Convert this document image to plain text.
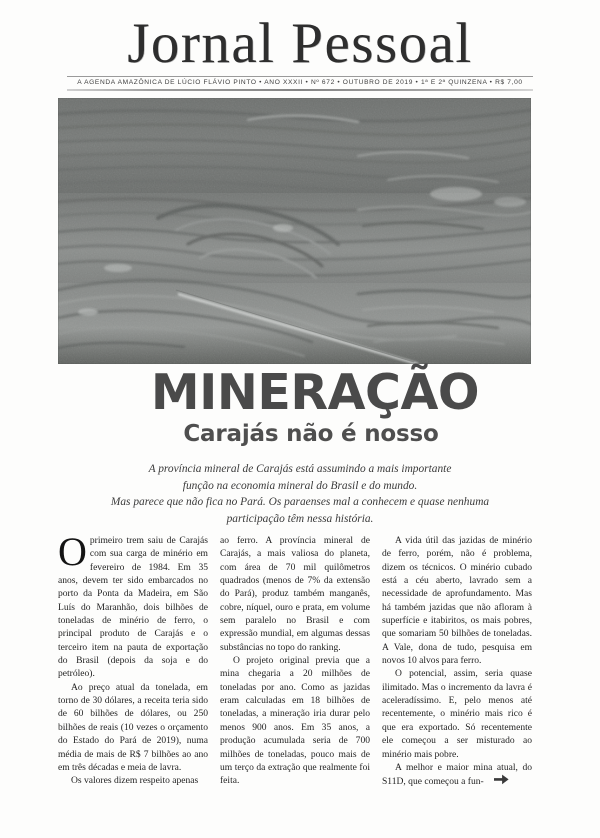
Jornal Pessoal
A AGENDA AMAZÔNICA DE LÚCIO FLÁVIO PINTO • ANO XXXII • Nº 672 • OUTUBRO DE 2019 • 1ª E 2ª QUINZENA • R$ 7,00
MINERAÇÃO
Carajás não é nosso
A província mineral de Carajás está assumindo a mais importante
função na economia mineral do Brasil e do mundo.
Mas parece que não fica no Pará. Os paraenses mal a conhecem e quase nenhuma
participação têm nessa história.

O primeiro trem saiu de Carajás com sua carga de minério em fevereiro de 1984. Em 35 anos, devem ter sido embarcados no porto da Ponta da Madeira, em São Luís do Maranhão, dois bilhões de toneladas de minério de ferro, o principal produto de Carajás e o terceiro item na pauta de exportação do Brasil (depois da soja e do petróleo).

Ao preço atual da tonelada, em torno de 30 dólares, a receita teria sido de 60 bilhões de dólares, ou 250 bilhões de reais (10 vezes o orçamento do Estado do Pará de 2019), numa média de mais de R$ 7 bilhões ao ano em três décadas e meia de lavra.

Os valores dizem respeito apenas

ao ferro. A província mineral de Carajás, a mais valiosa do planeta, com área de 70 mil quilômetros quadrados (menos de 7% da extensão do Pará), produz também manganês, cobre, níquel, ouro e prata, em volume sem paralelo no Brasil e com expressão mundial, em algumas dessas substâncias no topo do ranking.

O projeto original previa que a mina chegaria a 20 milhões de toneladas por ano. Como as jazidas eram calculadas em 18 bilhões de toneladas, a mineração iria durar pelo menos 900 anos. Em 35 anos, a produção acumulada seria de 700 milhões de toneladas, pouco mais de um terço da extração que realmente foi feita.

A vida útil das jazidas de minério de ferro, porém, não é problema, dizem os técnicos. O minério cubado está a céu aberto, lavrado sem a necessidade de aprofundamento. Mas há também jazidas que não afloram à superfície e itabiritos, os mais pobres, que somariam 50 bilhões de toneladas. A Vale, dona de tudo, pesquisa em novos 10 alvos para ferro.

O potencial, assim, seria quase ilimitado. Mas o incremento da lavra é aceleradíssimo. E, pelo menos até recentemente, o minério mais rico é que era exportado. Só recentemente ele começou a ser misturado ao minério mais pobre.

A melhor e maior mina atual, do S11D, que começou a fun-
